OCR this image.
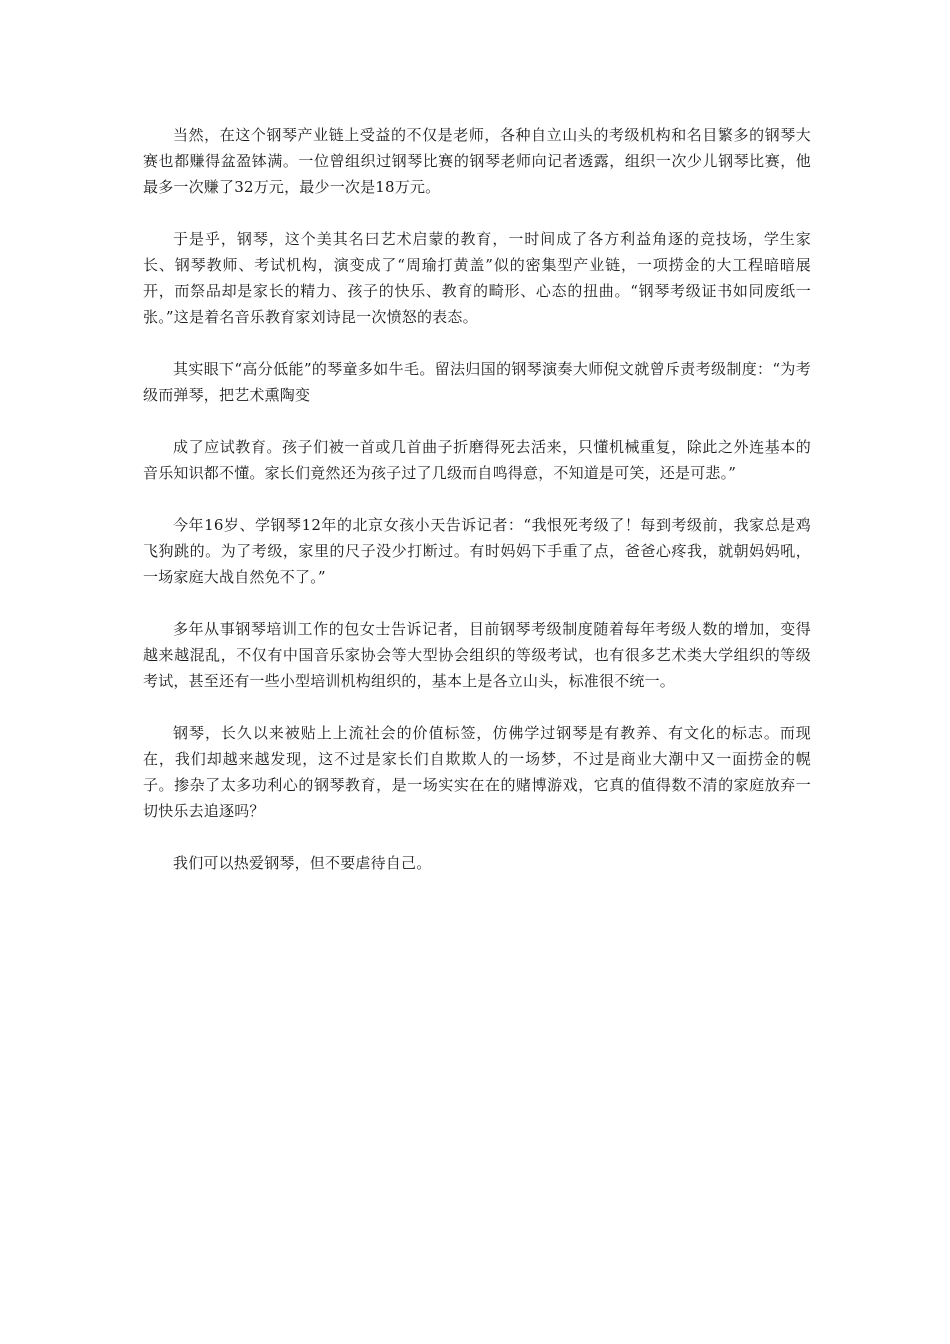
当然，在这个钢琴产业链上受益的不仅是老师，各种自立山头的考级机构和名目繁多的钢琴大赛也都赚得盆盈钵满。一位曾组织过钢琴比赛的钢琴老师向记者透露，组织一次少儿钢琴比赛，他最多一次赚了32万元，最少一次是18万元。

于是乎，钢琴，这个美其名曰艺术启蒙的教育，一时间成了各方利益角逐的竞技场，学生家长、钢琴教师、考试机构，演变成了“周瑜打黄盖”似的密集型产业链，一项捞金的大工程暗暗展开，而祭品却是家长的精力、孩子的快乐、教育的畸形、心态的扭曲。“钢琴考级证书如同废纸一张。”这是着名音乐教育家刘诗昆一次愤怒的表态。

其实眼下“高分低能”的琴童多如牛毛。留法归国的钢琴演奏大师倪文就曾斥责考级制度：“为考级而弹琴，把艺术熏陶变

成了应试教育。孩子们被一首或几首曲子折磨得死去活来，只懂机械重复，除此之外连基本的音乐知识都不懂。家长们竟然还为孩子过了几级而自鸣得意，不知道是可笑，还是可悲。”

今年16岁、学钢琴12年的北京女孩小天告诉记者：“我恨死考级了！每到考级前，我家总是鸡飞狗跳的。为了考级，家里的尺子没少打断过。有时妈妈下手重了点，爸爸心疼我，就朝妈妈吼，一场家庭大战自然免不了。”

多年从事钢琴培训工作的包女士告诉记者，目前钢琴考级制度随着每年考级人数的增加，变得越来越混乱，不仅有中国音乐家协会等大型协会组织的等级考试，也有很多艺术类大学组织的等级考试，甚至还有一些小型培训机构组织的，基本上是各立山头，标准很不统一。

钢琴，长久以来被贴上上流社会的价值标签，仿佛学过钢琴是有教养、有文化的标志。而现在，我们却越来越发现，这不过是家长们自欺欺人的一场梦，不过是商业大潮中又一面捞金的幌子。掺杂了太多功利心的钢琴教育，是一场实实在在的赌博游戏，它真的值得数不清的家庭放弃一切快乐去追逐吗？

我们可以热爱钢琴，但不要虐待自己。
